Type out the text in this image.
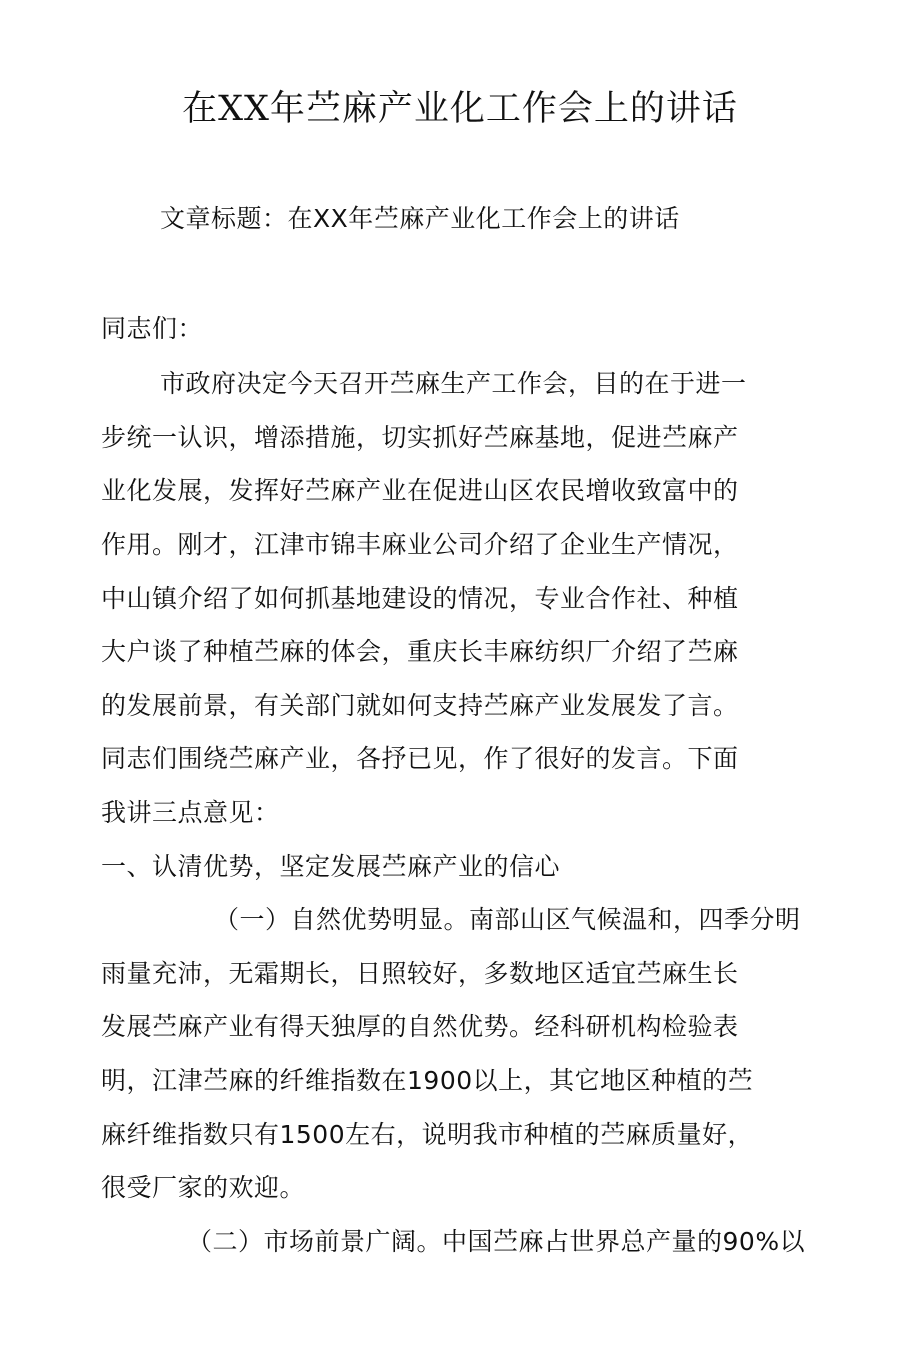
在XX年苎麻产业化工作会上的讲话
文章标题：在XX年苎麻产业化工作会上的讲话
同志们：
市政府决定今天召开苎麻生产工作会，目的在于进一
步统一认识，增添措施，切实抓好苎麻基地，促进苎麻产
业化发展，发挥好苎麻产业在促进山区农民增收致富中的
作用。刚才，江津市锦丰麻业公司介绍了企业生产情况，
中山镇介绍了如何抓基地建设的情况，专业合作社、种植
大户谈了种植苎麻的体会，重庆长丰麻纺织厂介绍了苎麻
的发展前景，有关部门就如何支持苎麻产业发展发了言。
同志们围绕苎麻产业，各抒已见，作了很好的发言。下面
我讲三点意见：
一、认清优势，坚定发展苎麻产业的信心
（一）自然优势明显。南部山区气候温和，四季分明
雨量充沛，无霜期长，日照较好，多数地区适宜苎麻生长
发展苎麻产业有得天独厚的自然优势。经科研机构检验表
明，江津苎麻的纤维指数在1900以上，其它地区种植的苎
麻纤维指数只有1500左右，说明我市种植的苎麻质量好，
很受厂家的欢迎。
（二）市场前景广阔。中国苎麻占世界总产量的90%以
